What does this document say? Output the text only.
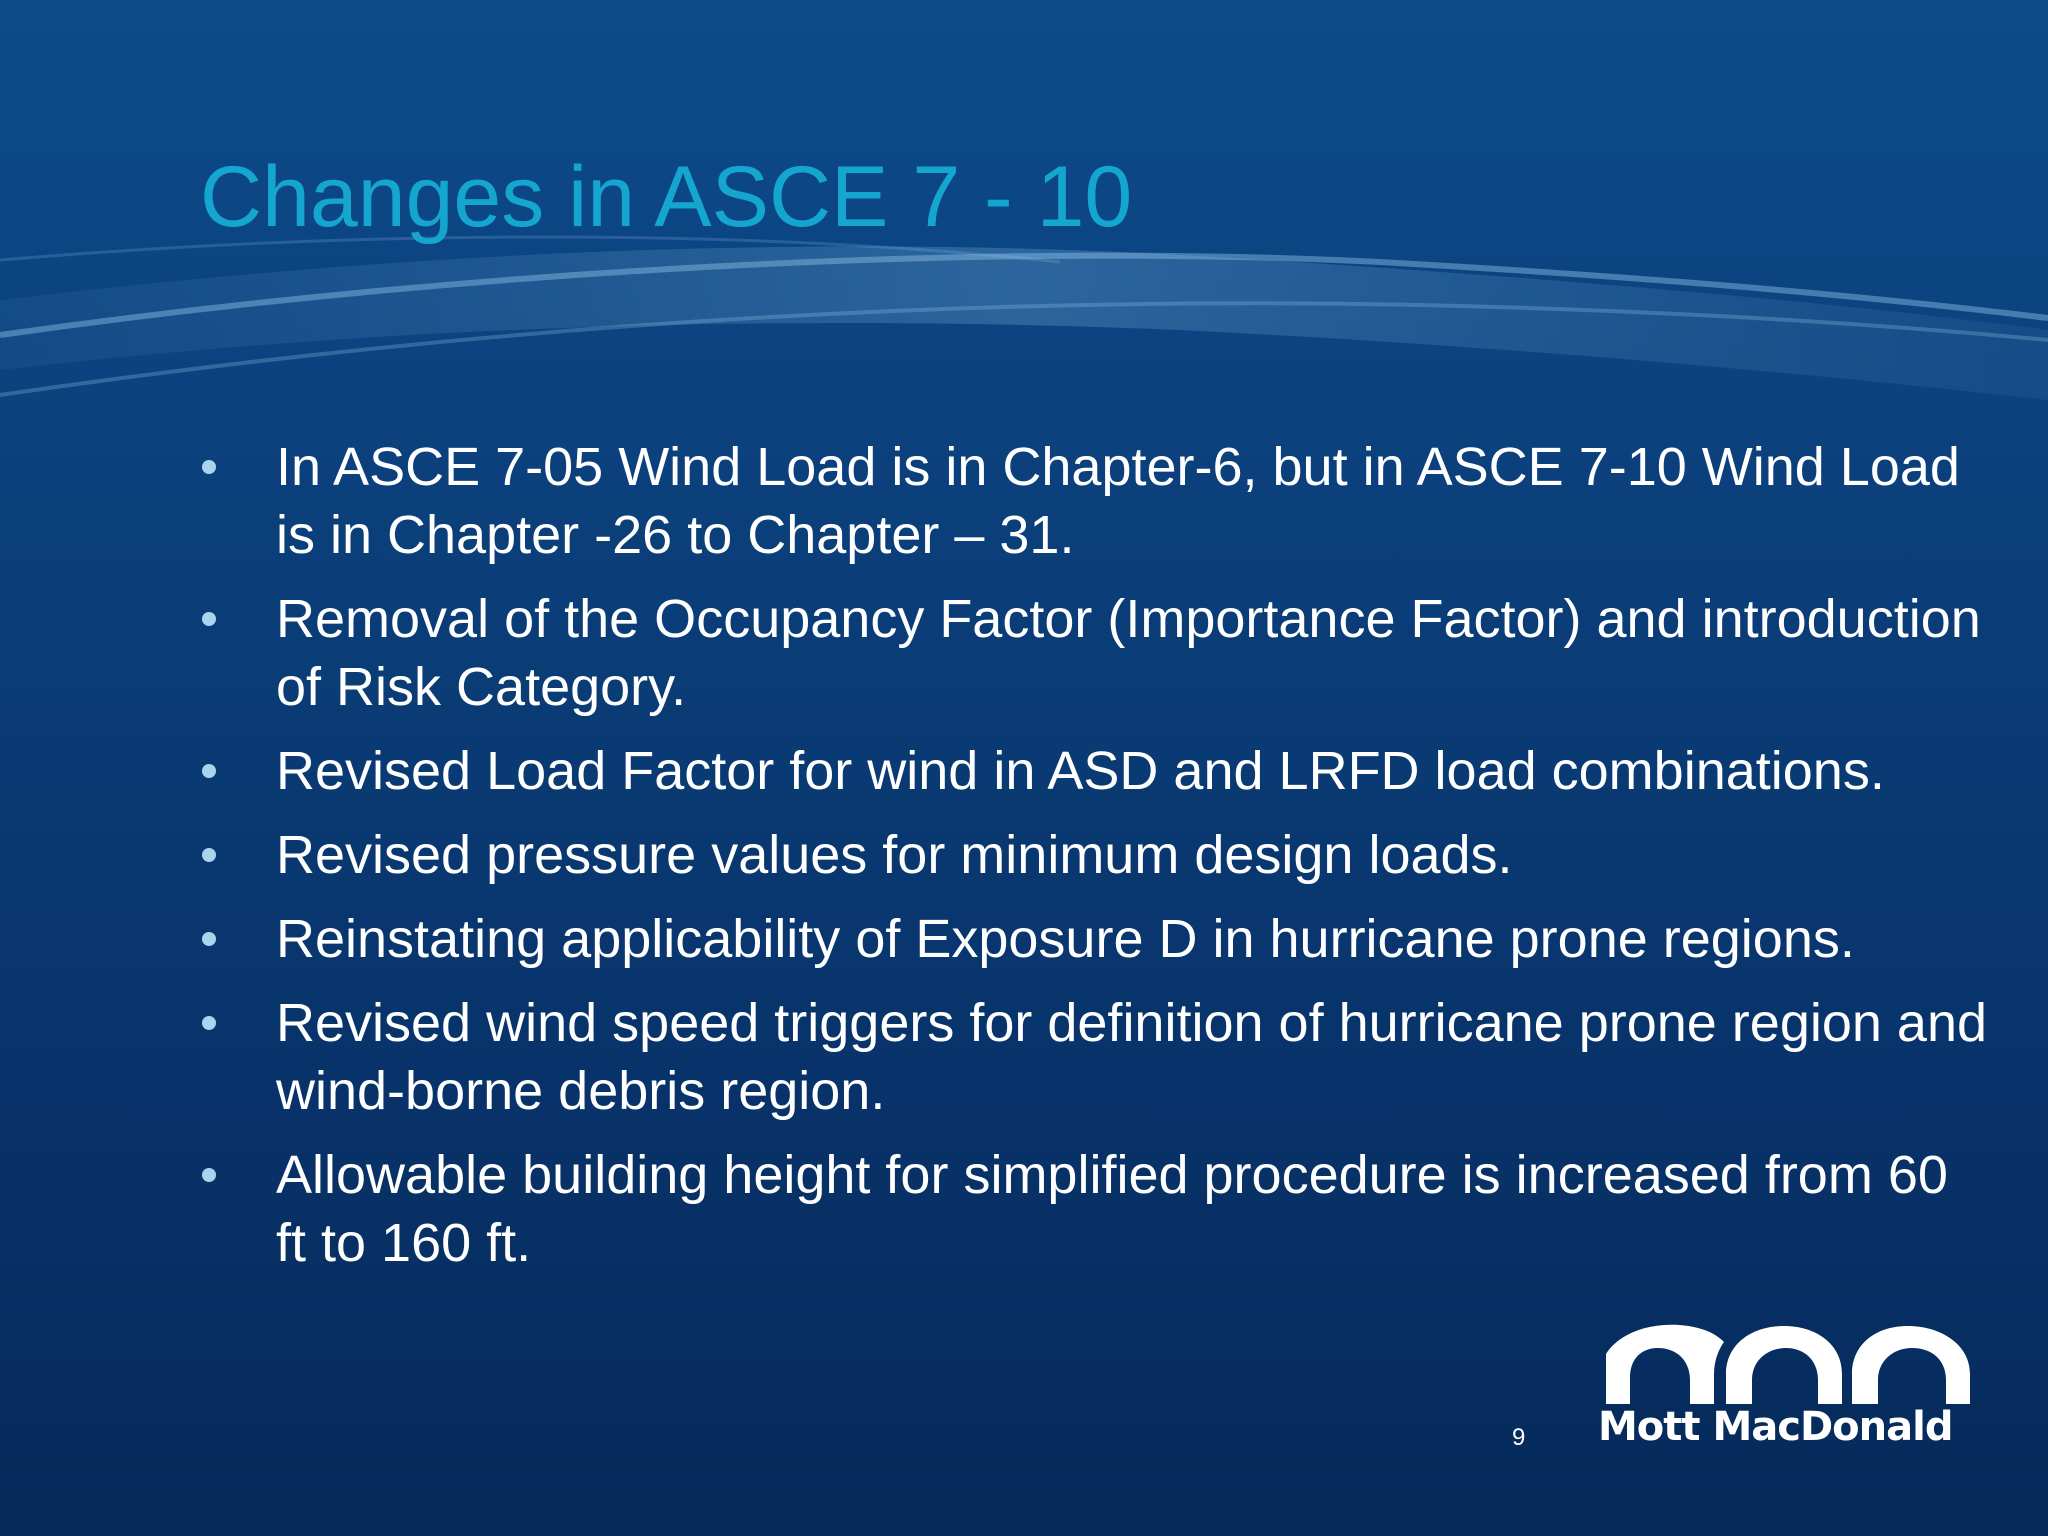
Changes in ASCE 7 - 10
In ASCE 7-05 Wind Load is in Chapter-6, but in ASCE 7-10 Wind Load is in Chapter -26 to Chapter – 31.
Removal of the Occupancy Factor (Importance Factor) and introduction of Risk Category.
Revised Load Factor for wind in ASD and LRFD load combinations.
Revised pressure values for minimum design loads.
Reinstating applicability of Exposure D in hurricane prone regions.
Revised wind speed triggers for definition of hurricane prone region and wind-borne debris region.
Allowable building height for simplified procedure is increased from 60 ft to 160 ft.
9 Mott MacDonald
